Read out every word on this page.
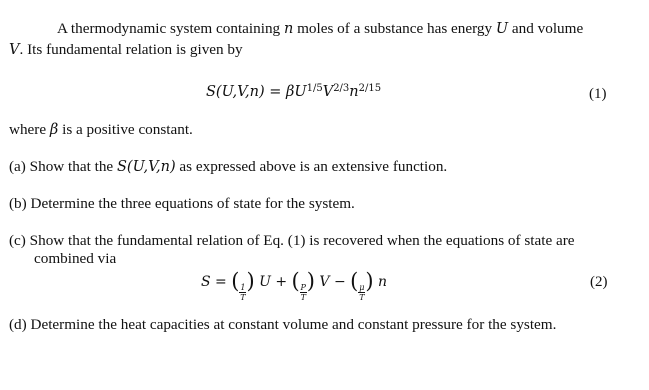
A thermodynamic system containing n moles of a substance has energy U and volume
V. Its fundamental relation is given by
$S(U,V,n) = \beta U^{1/5}V^{2/3}n^{2/15}$	(1)
where β is a positive constant.
(a) Show that the S(U,V,n) as expressed above is an extensive function.
(b) Determine the three equations of state for the system.
(c) Show that the fundamental relation of Eq. (1) is recovered when the equations of state are
combined via
S = ( $\frac{1}{T}$ ) U + ( $\frac{P}{T}$ ) V − ( $\frac{\mu}{T}$ ) n	(2)
(d) Determine the heat capacities at constant volume and constant pressure for the system.
